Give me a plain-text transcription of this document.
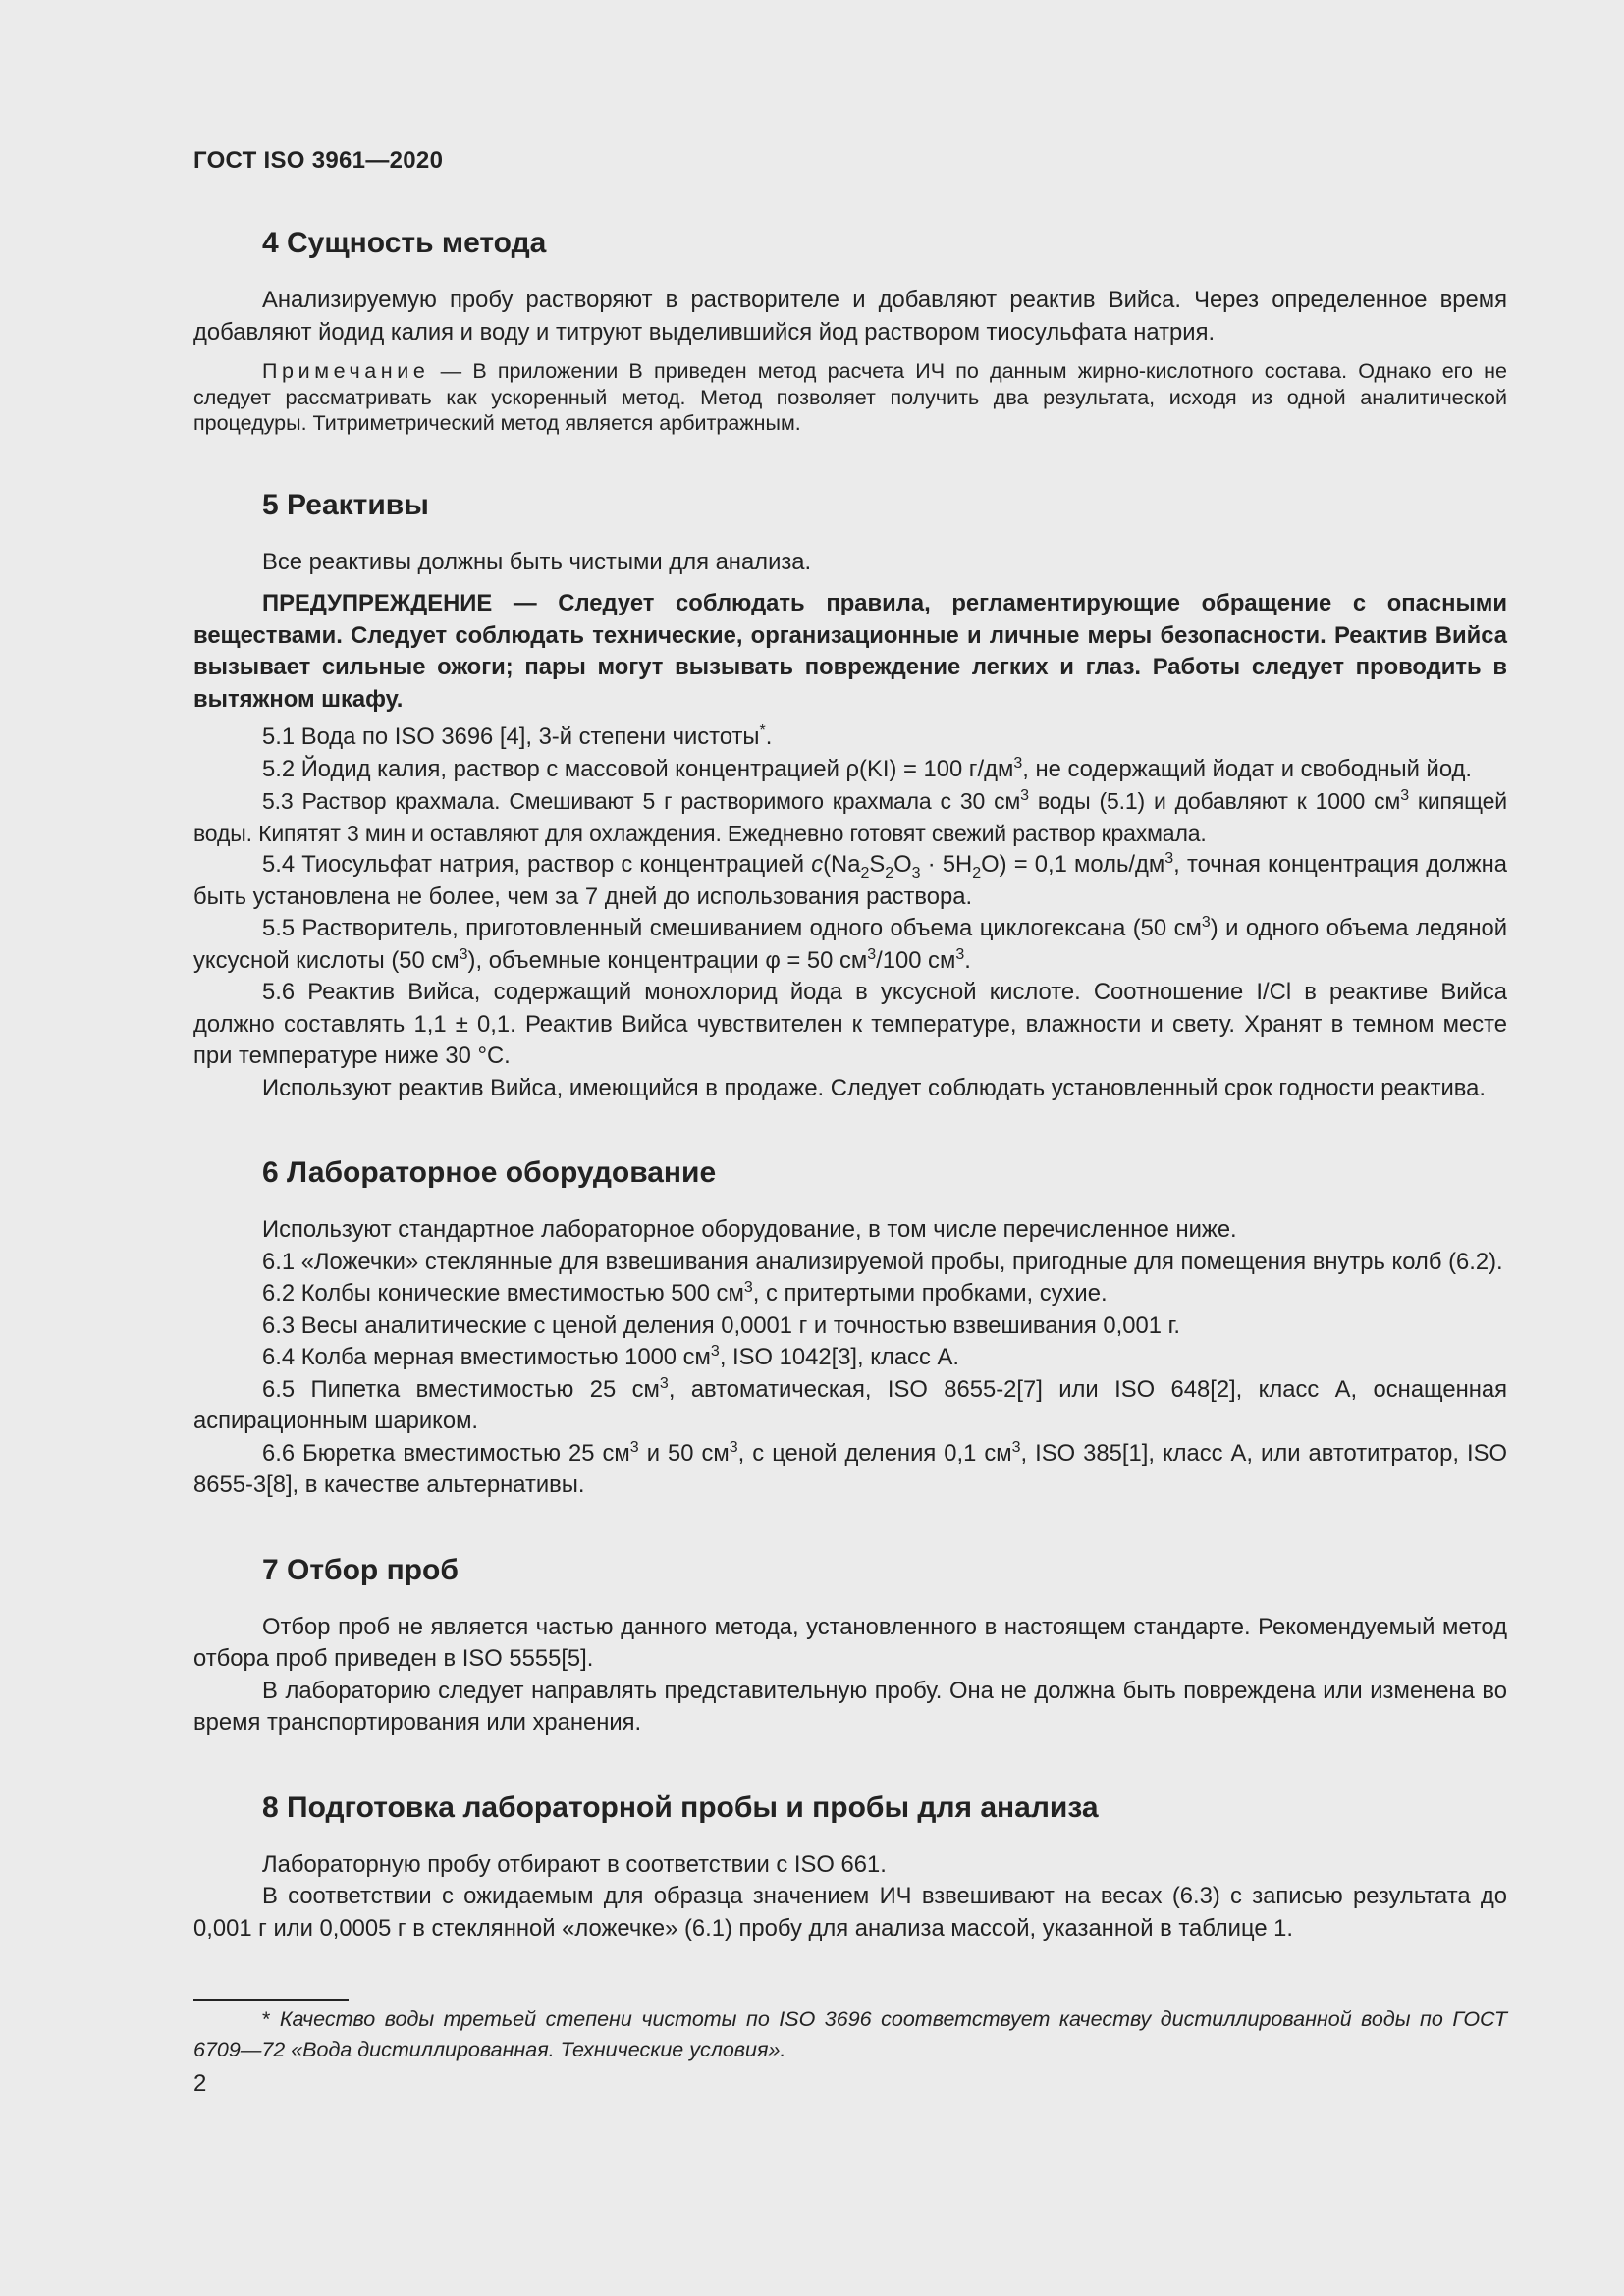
ГОСТ ISO 3961—2020
4 Сущность метода

Анализируемую пробу растворяют в растворителе и добавляют реактив Вийса. Через определенное время добавляют йодид калия и воду и титруют выделившийся йод раствором тиосульфата натрия.

Примечание — В приложении В приведен метод расчета ИЧ по данным жирно-кислотного состава. Однако его не следует рассматривать как ускоренный метод. Метод позволяет получить два результата, исходя из одной аналитической процедуры. Титриметрический метод является арбитражным.

5 Реактивы

Все реактивы должны быть чистыми для анализа.

ПРЕДУПРЕЖДЕНИЕ — Следует соблюдать правила, регламентирующие обращение с опасными веществами. Следует соблюдать технические, организационные и личные меры безопасности. Реактив Вийса вызывает сильные ожоги; пары могут вызывать повреждение легких и глаз. Работы следует проводить в вытяжном шкафу.

5.1 Вода по ISO 3696 [4], 3-й степени чистоты*.

5.2 Йодид калия, раствор с массовой концентрацией ρ(KI) = 100 $г/дм^3$, не содержащий йодат и свободный йод.

5.3 Раствор крахмала. Смешивают 5 г растворимого крахмала с 30 $см^3$ воды (5.1) и добавляют к 1000 $см^3$ кипящей воды. Кипятят 3 мин и оставляют для охлаждения. Ежедневно готовят свежий раствор крахмала.

5.4 Тиосульфат натрия, раствор с концентрацией $c(Na_2S_2O_3 \cdot 5H_2O) = 0,1$ моль/$дм^3$, точная концентрация должна быть установлена не более, чем за 7 дней до использования раствора.

5.5 Растворитель, приготовленный смешиванием одного объема циклогексана (50 $см^3$) и одного объема ледяной уксусной кислоты (50 $см^3$), объемные концентрации φ = 50 $см^3/100$ $см^3$.

5.6 Реактив Вийса, содержащий монохлорид йода в уксусной кислоте. Соотношение I/Cl в реактиве Вийса должно составлять 1,1 ± 0,1. Реактив Вийса чувствителен к температуре, влажности и свету. Хранят в темном месте при температуре ниже 30 °С.

Используют реактив Вийса, имеющийся в продаже. Следует соблюдать установленный срок годности реактива.

6 Лабораторное оборудование

Используют стандартное лабораторное оборудование, в том числе перечисленное ниже.

6.1 «Ложечки» стеклянные для взвешивания анализируемой пробы, пригодные для помещения внутрь колб (6.2).

6.2 Колбы конические вместимостью 500 $см^3$, с притертыми пробками, сухие.

6.3 Весы аналитические с ценой деления 0,0001 г и точностью взвешивания 0,001 г.

6.4 Колба мерная вместимостью 1000 $см^3$, ISO 1042[3], класс А.

6.5 Пипетка вместимостью 25 $см^3$, автоматическая, ISO 8655-2[7] или ISO 648[2], класс А, оснащенная аспирационным шариком.

6.6 Бюретка вместимостью 25 $см^3$ и 50 $см^3$, с ценой деления 0,1 $см^3$, ISO 385[1], класс А, или автотитратор, ISO 8655-3[8], в качестве альтернативы.

7 Отбор проб

Отбор проб не является частью данного метода, установленного в настоящем стандарте. Рекомендуемый метод отбора проб приведен в ISO 5555[5].

В лабораторию следует направлять представительную пробу. Она не должна быть повреждена или изменена во время транспортирования или хранения.

8 Подготовка лабораторной пробы и пробы для анализа

Лабораторную пробу отбирают в соответствии с ISO 661.

В соответствии с ожидаемым для образца значением ИЧ взвешивают на весах (6.3) с записью результата до 0,001 г или 0,0005 г в стеклянной «ложечке» (6.1) пробу для анализа массой, указанной в таблице 1.

* Качество воды третьей степени чистоты по ISO 3696 соответствует качеству дистиллированной воды по ГОСТ 6709—72 «Вода дистиллированная. Технические условия».
2
